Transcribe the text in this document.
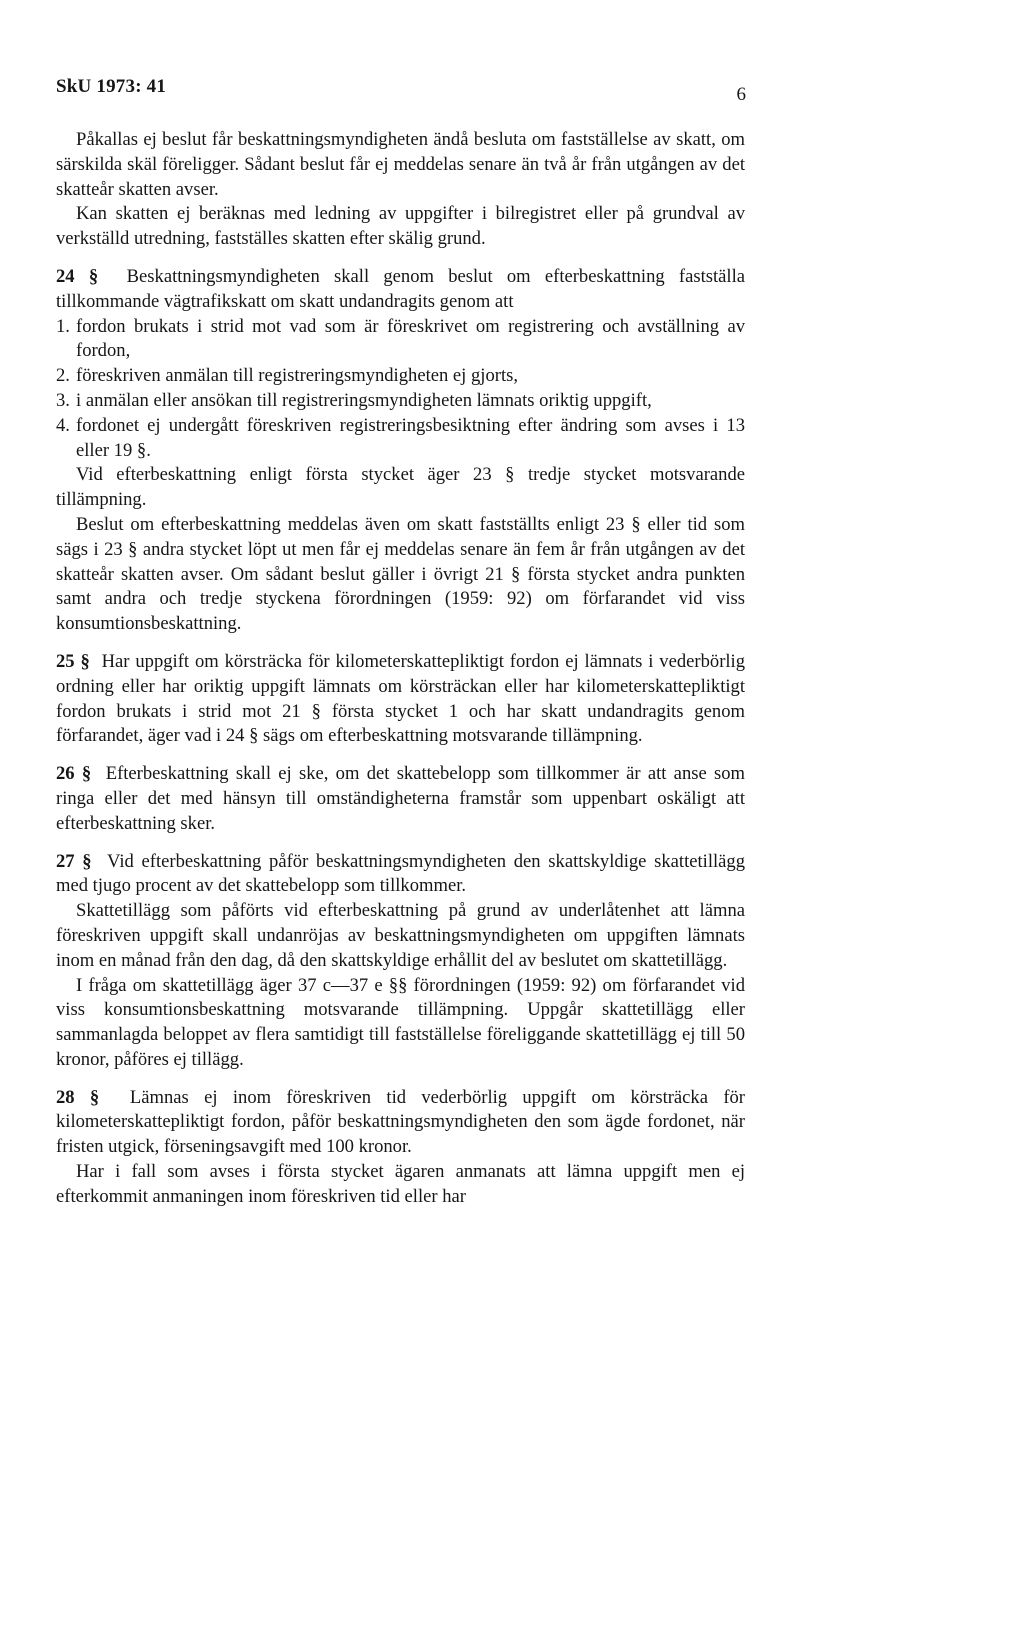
SkU 1973: 41	6

Påkallas ej beslut får beskattningsmyndigheten ändå besluta om fastställelse av skatt, om särskilda skäl föreligger. Sådant beslut får ej meddelas senare än två år från utgången av det skatteår skatten avser.

Kan skatten ej beräknas med ledning av uppgifter i bilregistret eller på grundval av verkställd utredning, fastställes skatten efter skälig grund.

24 § Beskattningsmyndigheten skall genom beslut om efterbeskattning fastställa tillkommande vägtrafikskatt om skatt undandragits genom att

1. fordon brukats i strid mot vad som är föreskrivet om registrering och avställning av fordon,

2. föreskriven anmälan till registreringsmyndigheten ej gjorts,

3. i anmälan eller ansökan till registreringsmyndigheten lämnats oriktig uppgift,

4. fordonet ej undergått föreskriven registreringsbesiktning efter ändring som avses i 13 eller 19 §.

Vid efterbeskattning enligt första stycket äger 23 § tredje stycket motsvarande tillämpning.

Beslut om efterbeskattning meddelas även om skatt fastställts enligt 23 § eller tid som sägs i 23 § andra stycket löpt ut men får ej meddelas senare än fem år från utgången av det skatteår skatten avser. Om sådant beslut gäller i övrigt 21 § första stycket andra punkten samt andra och tredje styckena förordningen (1959: 92) om förfarandet vid viss konsumtionsbeskattning.

25 § Har uppgift om körsträcka för kilometerskattepliktigt fordon ej lämnats i vederbörlig ordning eller har oriktig uppgift lämnats om körsträckan eller har kilometerskattepliktigt fordon brukats i strid mot 21 § första stycket 1 och har skatt undandragits genom förfarandet, äger vad i 24 § sägs om efterbeskattning motsvarande tillämpning.

26 § Efterbeskattning skall ej ske, om det skattebelopp som tillkommer är att anse som ringa eller det med hänsyn till omständigheterna framstår som uppenbart oskäligt att efterbeskattning sker.

27 § Vid efterbeskattning påför beskattningsmyndigheten den skattskyldige skattetillägg med tjugo procent av det skattebelopp som tillkommer.

Skattetillägg som påförts vid efterbeskattning på grund av underlåtenhet att lämna föreskriven uppgift skall undanröjas av beskattningsmyndigheten om uppgiften lämnats inom en månad från den dag, då den skattskyldige erhållit del av beslutet om skattetillägg.

I fråga om skattetillägg äger 37 c—37 e §§ förordningen (1959: 92) om förfarandet vid viss konsumtionsbeskattning motsvarande tillämpning. Uppgår skattetillägg eller sammanlagda beloppet av flera samtidigt till fastställelse föreliggande skattetillägg ej till 50 kronor, påföres ej tillägg.

28 § Lämnas ej inom föreskriven tid vederbörlig uppgift om körsträcka för kilometerskattepliktigt fordon, påför beskattningsmyndigheten den som ägde fordonet, när fristen utgick, förseningsavgift med 100 kronor.

Har i fall som avses i första stycket ägaren anmanats att lämna uppgift men ej efterkommit anmaningen inom föreskriven tid eller har
